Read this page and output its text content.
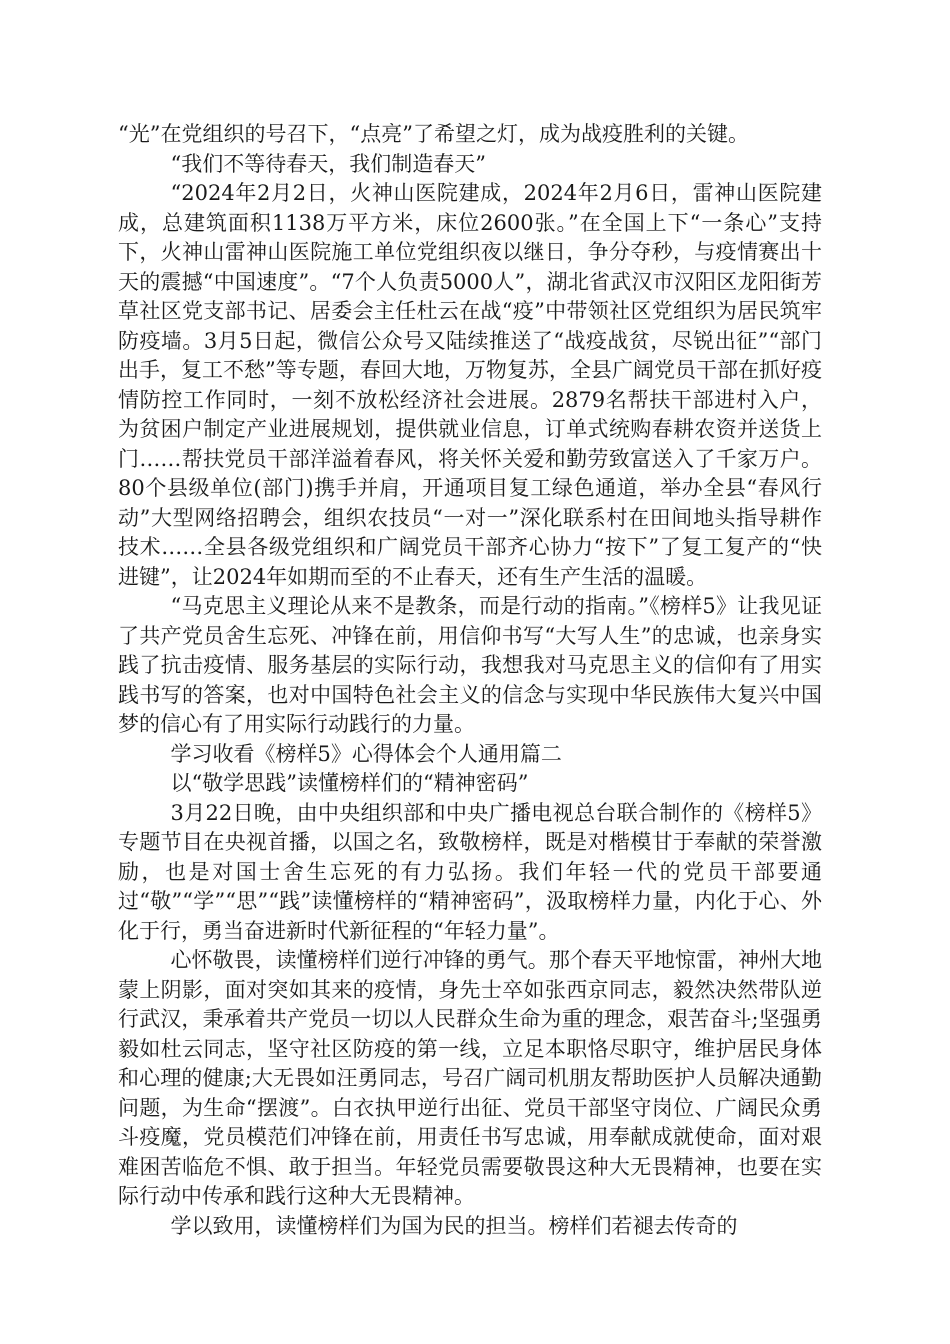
“光”在党组织的号召下，“点亮”了希望之灯，成为战疫胜利的关键。

“我们不等待春天，我们制造春天”

“2024年2月2日，火神山医院建成，2024年2月6日，雷神山医院建成，总建筑面积1138万平方米，床位2600张。”在全国上下“一条心”支持下，火神山雷神山医院施工单位党组织夜以继日，争分夺秒，与疫情赛出十天的震撼“中国速度”。“7个人负责5000人”，湖北省武汉市汉阳区龙阳街芳草社区党支部书记、居委会主任杜云在战“疫”中带领社区党组织为居民筑牢防疫墙。3月5日起，微信公众号又陆续推送了“战疫战贫，尽锐出征”“部门出手，复工不愁”等专题，春回大地，万物复苏，全县广阔党员干部在抓好疫情防控工作同时，一刻不放松经济社会进展。2879名帮扶干部进村入户，为贫困户制定产业进展规划，提供就业信息，订单式统购春耕农资并送货上门……帮扶党员干部洋溢着春风，将关怀关爱和勤劳致富送入了千家万户。80个县级单位(部门)携手并肩，开通项目复工绿色通道，举办全县“春风行动”大型网络招聘会，组织农技员“一对一”深化联系村在田间地头指导耕作技术……全县各级党组织和广阔党员干部齐心协力“按下”了复工复产的“快进键”，让2024年如期而至的不止春天，还有生产生活的温暖。

“马克思主义理论从来不是教条，而是行动的指南。”《榜样5》让我见证了共产党员舍生忘死、冲锋在前，用信仰书写“大写人生”的忠诚，也亲身实践了抗击疫情、服务基层的实际行动，我想我对马克思主义的信仰有了用实践书写的答案，也对中国特色社会主义的信念与实现中华民族伟大复兴中国梦的信心有了用实际行动践行的力量。

学习收看《榜样5》心得体会个人通用篇二

以“敬学思践”读懂榜样们的“精神密码”

3月22日晚，由中央组织部和中央广播电视总台联合制作的《榜样5》专题节目在央视首播，以国之名，致敬榜样，既是对楷模甘于奉献的荣誉激励，也是对国士舍生忘死的有力弘扬。我们年轻一代的党员干部要通过“敬”“学”“思”“践”读懂榜样的“精神密码”，汲取榜样力量，内化于心、外化于行，勇当奋进新时代新征程的“年轻力量”。

心怀敬畏，读懂榜样们逆行冲锋的勇气。那个春天平地惊雷，神州大地蒙上阴影，面对突如其来的疫情，身先士卒如张西京同志，毅然决然带队逆行武汉，秉承着共产党员一切以人民群众生命为重的理念，艰苦奋斗;坚强勇毅如杜云同志，坚守社区防疫的第一线，立足本职恪尽职守，维护居民身体和心理的健康;大无畏如汪勇同志，号召广阔司机朋友帮助医护人员解决通勤问题，为生命“摆渡”。白衣执甲逆行出征、党员干部坚守岗位、广阔民众勇斗疫魔，党员模范们冲锋在前，用责任书写忠诚，用奉献成就使命，面对艰难困苦临危不惧、敢于担当。年轻党员需要敬畏这种大无畏精神，也要在实际行动中传承和践行这种大无畏精神。

学以致用，读懂榜样们为国为民的担当。榜样们若褪去传奇的
